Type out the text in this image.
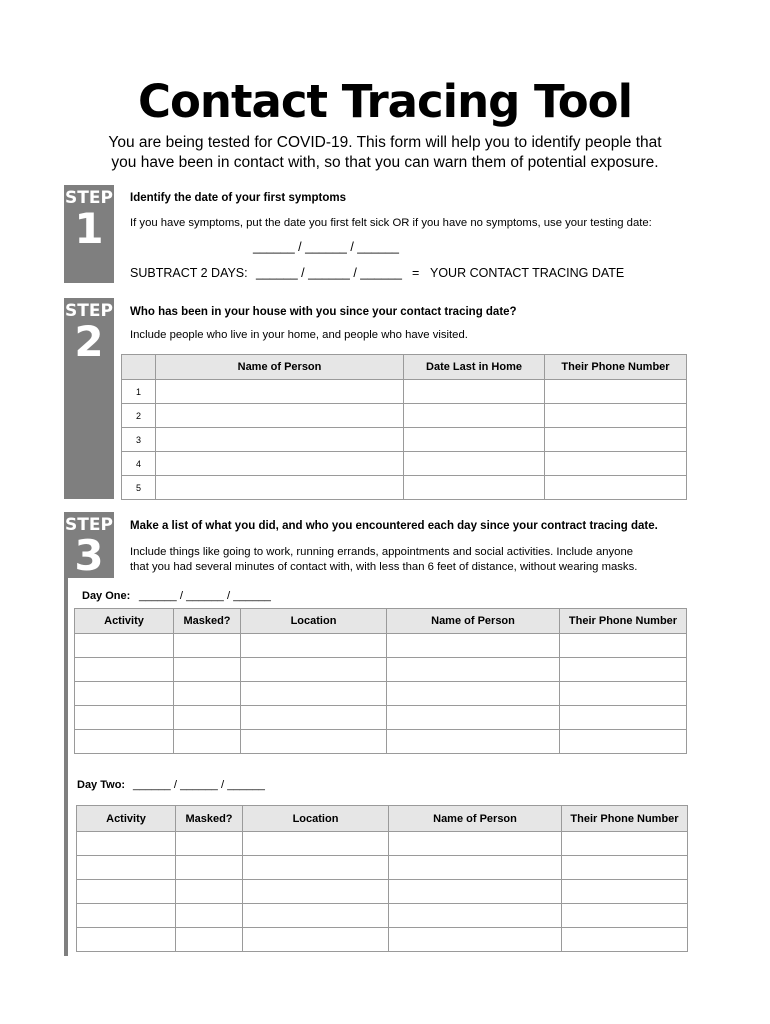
Contact Tracing Tool
You are being tested for COVID-19. This form will help you to identify people that
you have been in contact with, so that you can warn them of potential exposure.
STEP
1
Identify the date of your first symptoms
If you have symptoms, put the date you first felt sick OR if you have no symptoms, use your testing date:
______ / ______ / ______
SUBTRACT 2 DAYS: ______ / ______ / ______ = YOUR CONTACT TRACING DATE
STEP
2
Who has been in your house with you since your contact tracing date?
Include people who live in your home, and people who have visited.
	Name of Person	Date Last in Home	Their Phone Number
1			
2			
3			
4			
5			
STEP
3
Make a list of what you did, and who you encountered each day since your contract tracing date.
Include things like going to work, running errands, appointments and social activities. Include anyone
that you had several minutes of contact with, with less than 6 feet of distance, without wearing masks.
Day One: ______ / ______ / ______
Activity	Masked?	Location	Name of Person	Their Phone Number

Day Two: ______ / ______ / ______
Activity	Masked?	Location	Name of Person	Their Phone Number
